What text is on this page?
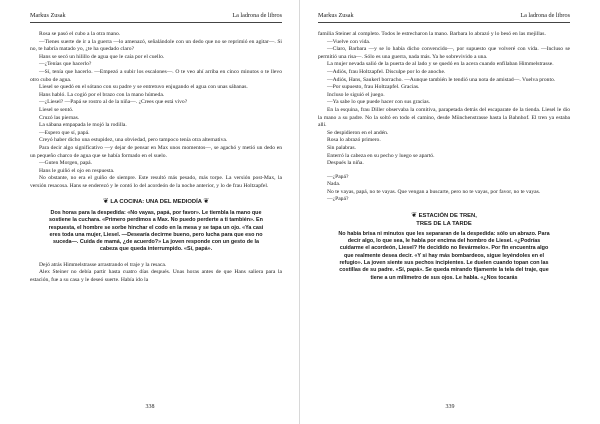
Markus Zusak	La ladrona de libros

Rosa se pasó el cubo a la otra mano.

—Tienes suerte de ir a la guerra —lo amenazó, señalándole con un dedo que no se reprimió en agitar—. Si no, te habría matado yo, ¿te ha quedado claro?

Hans se secó un hilillo de agua que le caía por el cuello.

—¿Tenías que hacerlo?

—Sí, tenía que hacerlo. —Empezó a subir los escalones—. O te veo ahí arriba en cinco minutos o te llevo otro cubo de agua.

Liesel se quedó en el sótano con su padre y se entretuvo enjugando el agua con unas sábanas.

Hans habló. La cogió por el brazo con la mano húmeda.

—¿Liesel? —Papá se rostro al de la niña—. ¿Crees que está vivo?

Liesel se sentó.

Cruzó las piernas.

La sábana empapada le mojó la rodilla.

—Espero que sí, papá.

Creyó haber dicho una estupidez, una obviedad, pero tampoco tenía otra alternativa.

Para decir algo significativo —y dejar de pensar en Max unos momentos—, se agachó y metió un dedo en un pequeño charco de agua que se había formado en el suelo.

—Guten Morgen, papá.

Hans le guiñó el ojo en respuesta.

No obstante, no era el guiño de siempre. Este resultó más pesado, más torpe. La versión post-Max, la versión resacosa. Hans se enderezó y le contó lo del acordeón de la noche anterior, y lo de frau Holtzapfel.

❦ LA COCINA: UNA DEL MEDIODÍA ❦
Dos horas para la despedida: «No vayas, papá, por favor». Le tiembla la mano que sostiene la cuchara. «Primero perdimos a Max. No puedo perderte a ti también». En respuesta, el hombre se sorbe hinchar el codo en la mesa y se tapa un ojo. «Ya casi eres toda una mujer, Liesel. —Desearía decirme bueno, pero lucha para que eso no suceda—. Cuida de mamá, ¿de acuerdo?» La joven responde con un gesto de la cabeza que queda interrumpido. «Sí, papá».

Dejó atrás Himmelstrasse arrastrando el traje y la resaca.

Alex Steiner no debía partir hasta cuatro días después. Unas horas antes de que Hans saliera para la estación, fue a su casa y le deseó suerte. Había ido la

338
Markus Zusak	La ladrona de libros

familia Steiner al completo. Todos le estrecharon la mano. Barbara lo abrazó y lo besó en las mejillas.

—Vuelve con vida.

—Claro, Barbara —y se lo había dicho convencido—, por supuesto que volveré con vida. —Incluso se permitió una risa—. Sólo es una guerra, nada más. Ya he sobrevivido a una.

La mujer nevada salió de la puerta de al lado y se quedó en la acera cuando enfilaban Himmelstrasse.

—Adiós, frau Holtzapfel. Disculpe por lo de anoche.

—Adiós, Hans, Saukerl borracho. —Aunque también le tendió una nota de amistad—. Vuelva pronto.

—Por supuesto, frau Holtzapfel. Gracias.

Incluso le siguió el juego.

—Ya sabe lo que puede hacer con sus gracias.

En la esquina, frau Diller observaba la comitiva, parapetada detrás del escaparate de la tienda. Liesel le dio la mano a su padre. No la soltó en todo el camino, desde Münchenstrasse hasta la Bahnhof. El tren ya estaba allí.

Se despidieron en el andén.

Rosa lo abrazó primero.

Sin palabras.

Enterró la cabeza en su pecho y luego se apartó.

Después la niña.

—¿Papá?

Nada.

No te vayas, papá, no te vayas. Que vengan a buscarte, pero no te vayas, por favor, no te vayas.

—¿Papá?

❦ ESTACIÓN DE TREN,
TRES DE LA TARDE
No había brisa ni minutos que les separaran de la despedida: sólo un abrazo. Para decir algo, lo que sea, le habla por encima del hombro de Liesel. «¿Podrías cuidarme el acordeón, Liesel? He decidido no llevármelo». Por fin encuentra algo que realmente desea decir. «Y si hay más bombardeos, sigue leyéndoles en el refugio». La joven siente sus pechos incipientes. Le duelen cuando topan con las costillas de su padre. «Sí, papá». Se queda mirando fijamente la tela del traje, que tiene a un milímetro de sus ojos. Le habla. «¿Nos tocarás
339
